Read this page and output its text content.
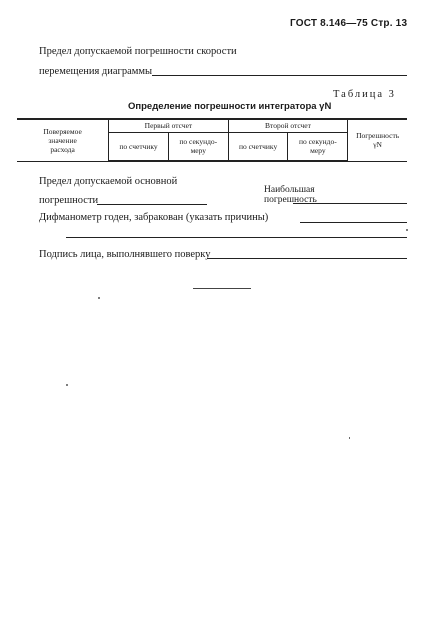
ГОСТ 8.146—75 Стр. 13
Предел допускаемой погрешности скорости
перемещения диаграммы
Таблица 3
Определение погрешности интегратора γN
Поверяемое значение расхода	Первый отсчет		Второй отсчет		Погрешность γN

	по счетчику	по секундо-меру	по счетчику	по секундо-меру	
Предел допускаемой основной
погрешности
Наибольшая
погрешность
Дифманометр годен, забракован (указать причины)
Подпись лица, выполнявшего поверку
